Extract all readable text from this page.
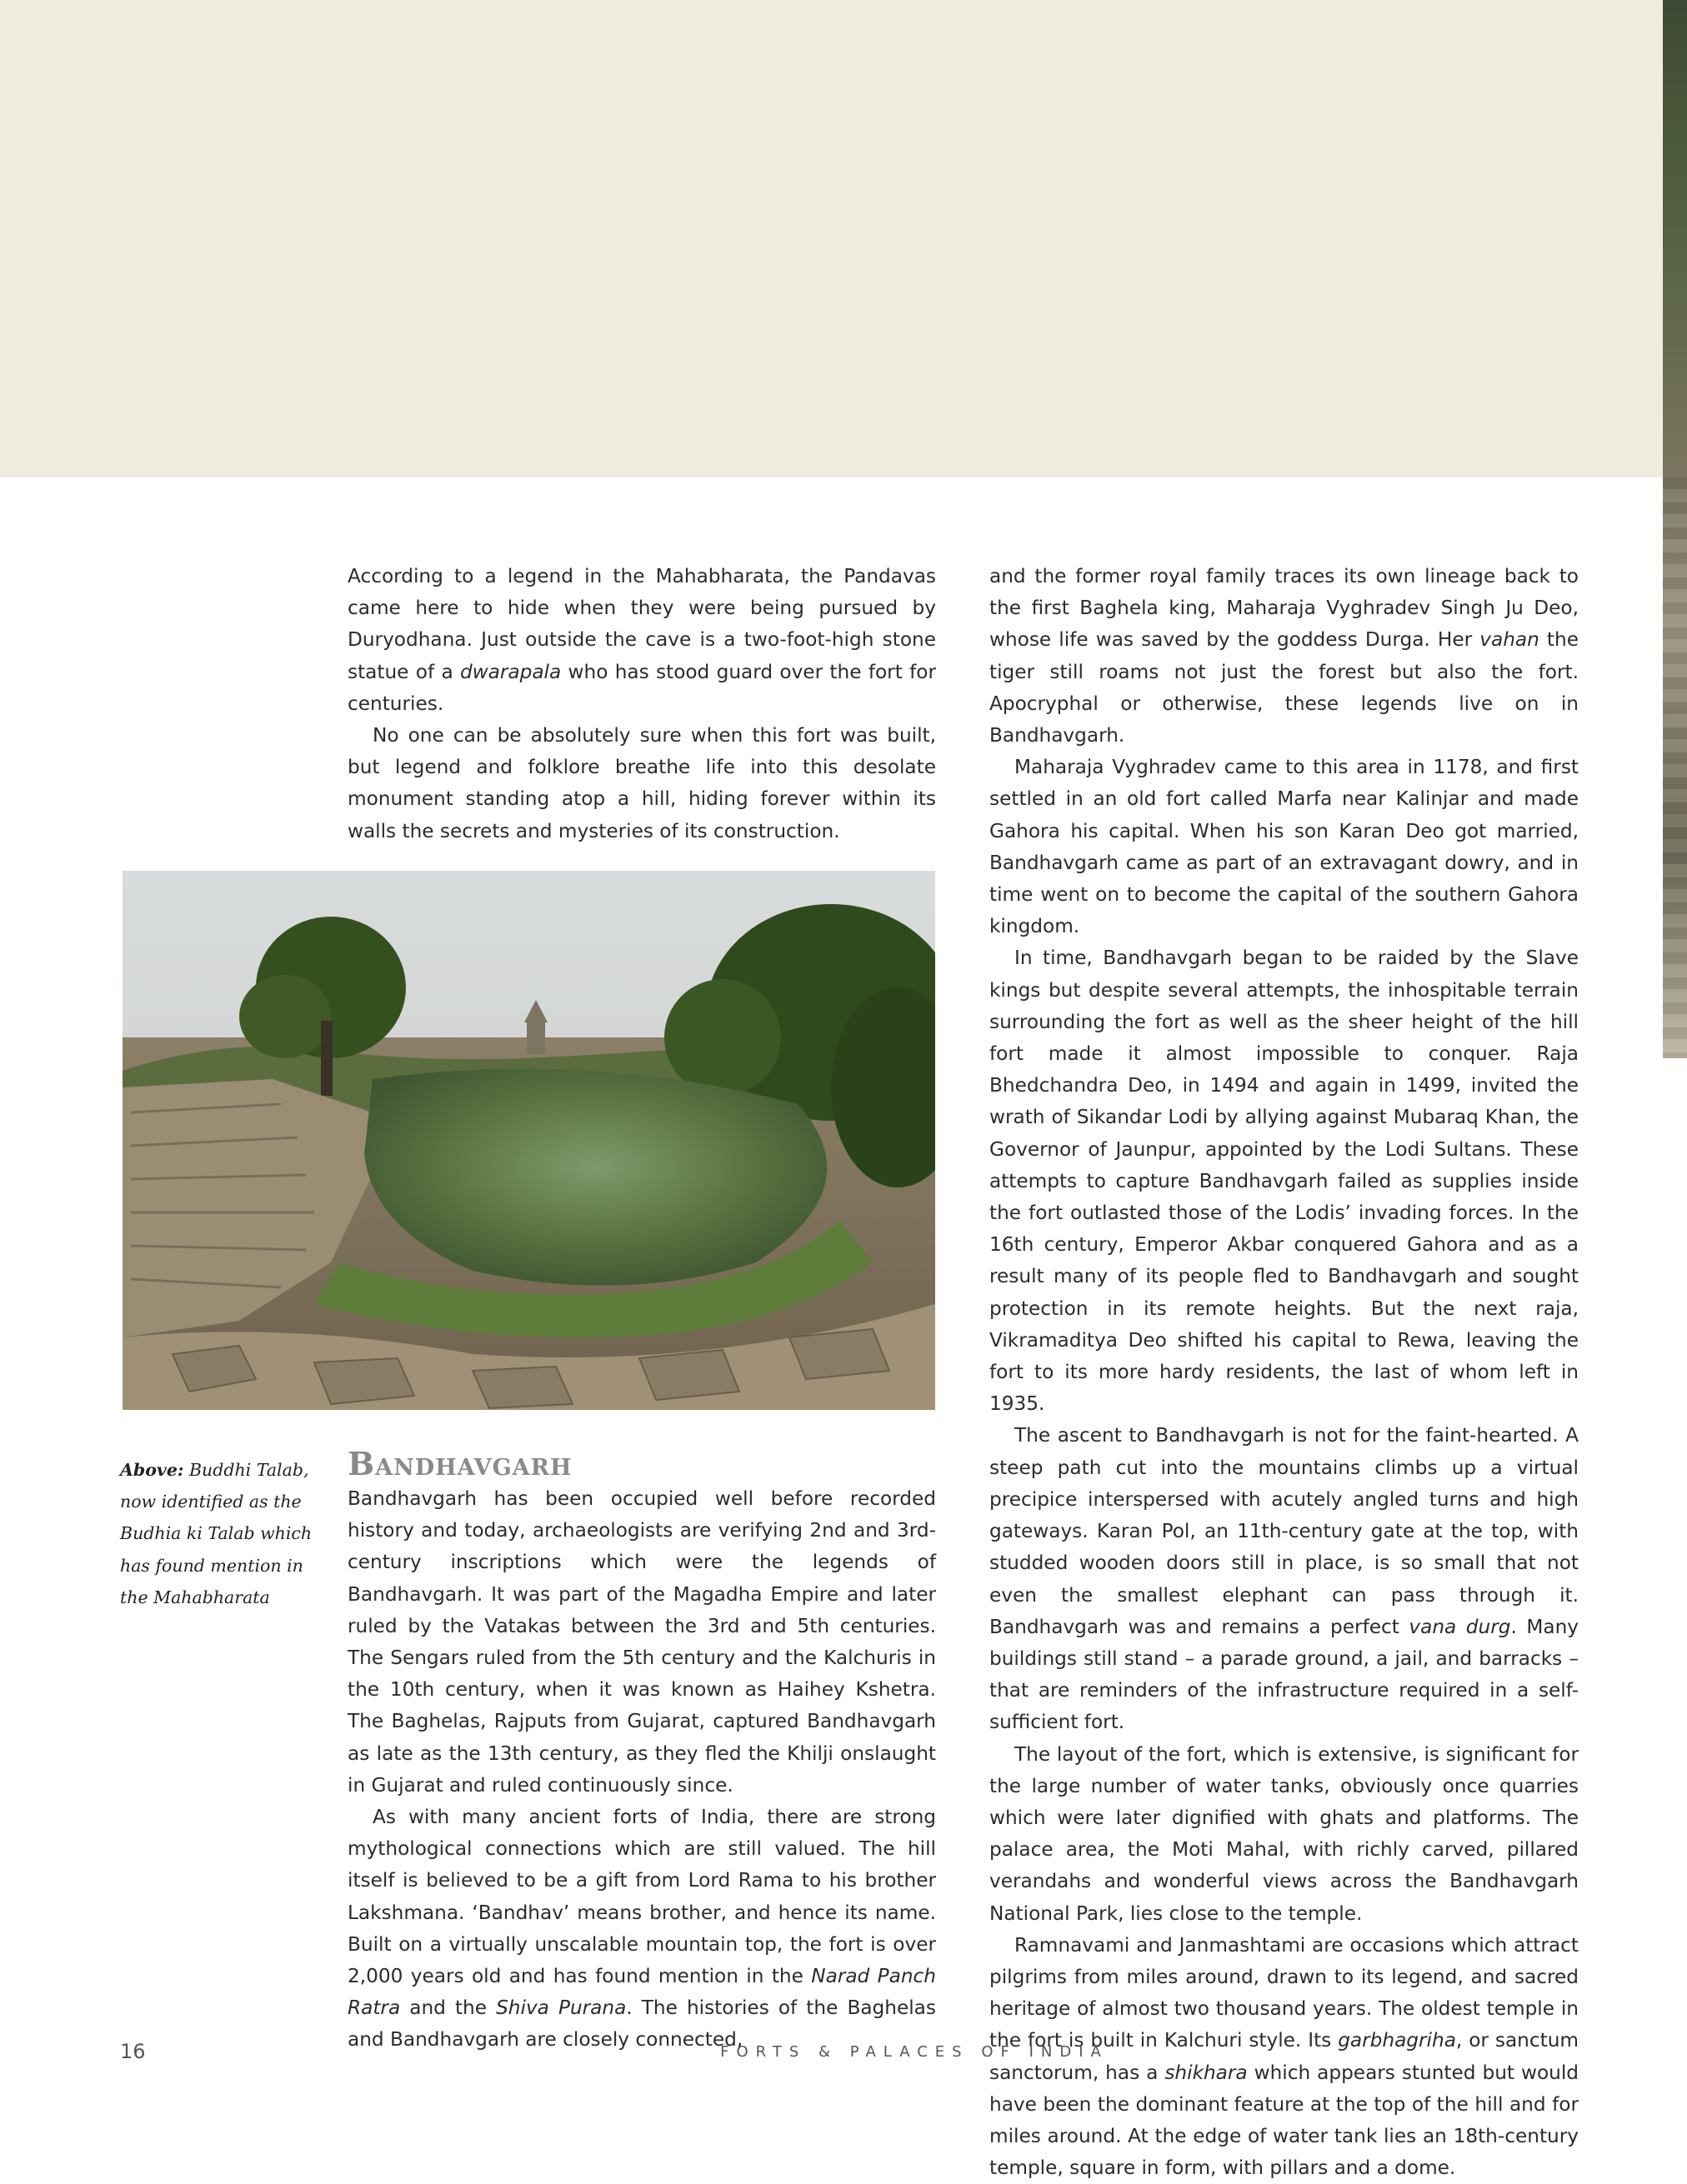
According to a legend in the Mahabharata, the Pandavas came here to hide when they were being pursued by Duryodhana. Just outside the cave is a two-foot-high stone statue of a dwarapala who has stood guard over the fort for centuries.

No one can be absolutely sure when this fort was built, but legend and folklore breathe life into this desolate monument standing atop a hill, hiding forever within its walls the secrets and mysteries of its construction.

Above: Buddhi Talab, now identified as the Budhia ki Talab which has found mention in the Mahabharata
Bandhavgarh

Bandhavgarh has been occupied well before recorded history and today, archaeologists are verifying 2nd and 3rd-century inscriptions which were the legends of Bandhavgarh. It was part of the Magadha Empire and later ruled by the Vatakas between the 3rd and 5th centuries. The Sengars ruled from the 5th century and the Kalchuris in the 10th century, when it was known as Haihey Kshetra. The Baghelas, Rajputs from Gujarat, captured Bandhavgarh as late as the 13th century, as they fled the Khilji onslaught in Gujarat and ruled continuously since.

As with many ancient forts of India, there are strong mythological connections which are still valued. The hill itself is believed to be a gift from Lord Rama to his brother Lakshmana. ‘Bandhav’ means brother, and hence its name. Built on a virtually unscalable mountain top, the fort is over 2,000 years old and has found mention in the Narad Panch Ratra and the Shiva Purana. The histories of the Baghelas and Bandhavgarh are closely connected,

and the former royal family traces its own lineage back to the first Baghela king, Maharaja Vyghradev Singh Ju Deo, whose life was saved by the goddess Durga. Her vahan the tiger still roams not just the forest but also the fort. Apocryphal or otherwise, these legends live on in Bandhavgarh.

Maharaja Vyghradev came to this area in 1178, and first settled in an old fort called Marfa near Kalinjar and made Gahora his capital. When his son Karan Deo got married, Bandhavgarh came as part of an extravagant dowry, and in time went on to become the capital of the southern Gahora kingdom.

In time, Bandhavgarh began to be raided by the Slave kings but despite several attempts, the inhospitable terrain surrounding the fort as well as the sheer height of the hill fort made it almost impossible to conquer. Raja Bhedchandra Deo, in 1494 and again in 1499, invited the wrath of Sikandar Lodi by allying against Mubaraq Khan, the Governor of Jaunpur, appointed by the Lodi Sultans. These attempts to capture Bandhavgarh failed as supplies inside the fort outlasted those of the Lodis’ invading forces. In the 16th century, Emperor Akbar conquered Gahora and as a result many of its people fled to Bandhavgarh and sought protection in its remote heights. But the next raja, Vikramaditya Deo shifted his capital to Rewa, leaving the fort to its more hardy residents, the last of whom left in 1935.

The ascent to Bandhavgarh is not for the faint-hearted. A steep path cut into the mountains climbs up a virtual precipice interspersed with acutely angled turns and high gateways. Karan Pol, an 11th-century gate at the top, with studded wooden doors still in place, is so small that not even the smallest elephant can pass through it. Bandhavgarh was and remains a perfect vana durg. Many buildings still stand – a parade ground, a jail, and barracks – that are reminders of the infrastructure required in a self-sufficient fort.

The layout of the fort, which is extensive, is significant for the large number of water tanks, obviously once quarries which were later dignified with ghats and platforms. The palace area, the Moti Mahal, with richly carved, pillared verandahs and wonderful views across the Bandhavgarh National Park, lies close to the temple.

Ramnavami and Janmashtami are occasions which attract pilgrims from miles around, drawn to its legend, and sacred heritage of almost two thousand years. The oldest temple in the fort is built in Kalchuri style. Its garbhagriha, or sanctum sanctorum, has a shikhara which appears stunted but would have been the dominant feature at the top of the hill and for miles around. At the edge of water tank lies an 18th-century temple, square in form, with pillars and a dome.

16	FORTS & PALACES OF INDIA
